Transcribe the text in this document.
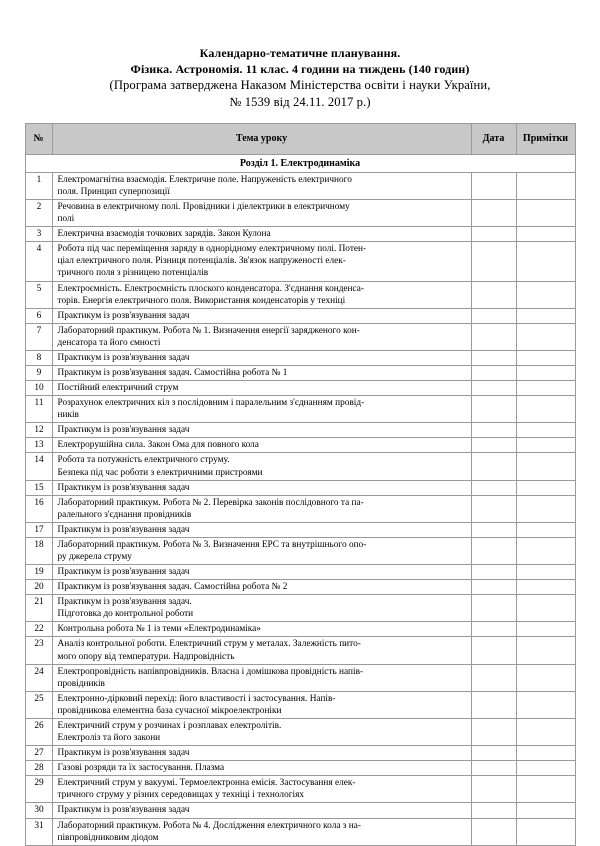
Календарно-тематичне планування.
Фізика. Астрономія. 11 клас. 4 години на тиждень (140 годин)
(Програма затверджена Наказом Міністерства освіти і науки України,
№ 1539 від 24.11. 2017 р.)
№	Тема уроку	Дата	Примітки
Розділ 1. Електродинаміка			
1	Електромагнітна взаємодія. Електричне поле. Напруженість електричного
поля. Принцип суперпозиції		

2	Речовина в електричному полі. Провідники і діелектрики в електричному
полі		

3	Електрична взаємодія точкових зарядів. Закон Кулона		

4	Робота під час переміщення заряду в однорідному електричному полі. Потен-
ціал електричного поля. Різниця потенціалів. Зв'язок напруженості елек-
тричного поля з різницею потенціалів		

5	Електроємність. Електроємність плоского конденсатора. З'єднання конденса-
торів. Енергія електричного поля. Використання конденсаторів у техніці		

6	Практикум із розв'язування задач		

7	Лабораторний практикум. Робота № 1. Визначення енергії зарядженого кон-
денсатора та його ємності		

8	Практикум із розв'язування задач		

9	Практикум із розв'язування задач. Самостійна робота № 1		

10	Постійний електричний струм		

11	Розрахунок електричних кіл з послідовним і паралельним з'єднанням провід-
ників		

12	Практикум із розв'язування задач		

13	Електрорушійна сила. Закон Ома для повного кола		

14	Робота та потужність електричного струму.
Безпека під час роботи з електричними пристроями		

15	Практикум із розв'язування задач		

16	Лабораторний практикум. Робота № 2. Перевірка законів послідовного та па-
ралельного з'єднання провідників		

17	Практикум із розв'язування задач		

18	Лабораторний практикум. Робота № 3. Визначення ЕРС та внутрішнього опо-
ру джерела струму		

19	Практикум із розв'язування задач		

20	Практикум із розв'язування задач. Самостійна робота № 2		

21	Практикум із розв'язування задач.
Підготовка до контрольної роботи		

22	Контрольна робота № 1 із теми «Електродинаміка»		

23	Аналіз контрольної роботи. Електричний струм у металах. Залежність пито-
мого опору від температури. Надпровідність		

24	Електропровідність напівпровідників. Власна і домішкова провідність напів-
провідників		

25	Електронно-дірковий перехід: його властивості і застосування. Напів-
провідникова елементна база сучасної мікроелектроніки		

26	Електричний струм у розчинах і розплавах електролітів.
Електроліз та його закони		

27	Практикум із розв'язування задач		

28	Газові розряди та їх застосування. Плазма		

29	Електричний струм у вакуумі. Термоелектронна емісія. Застосування елек-
тричного струму у різних середовищах у техніці і технологіях		

30	Практикум із розв'язування задач		

31	Лабораторний практикум. Робота № 4. Дослідження електричного кола з на-
півпровідниковим діодом		
